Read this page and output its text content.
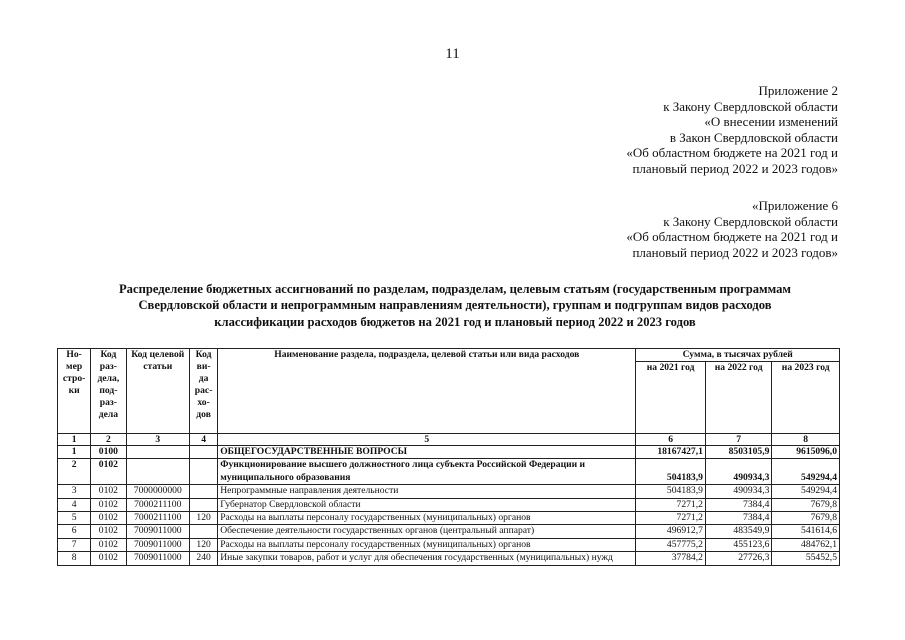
11
Приложение 2
к Закону Свердловской области
«О внесении изменений
в Закон Свердловской области
«Об областном бюджете на 2021 год и
плановый период 2022 и 2023 годов»
«Приложение 6
к Закону Свердловской области
«Об областном бюджете на 2021 год и
плановый период 2022 и 2023 годов»
Распределение бюджетных ассигнований по разделам, подразделам, целевым статьям (государственным программам
Свердловской области и непрограммным направлениям деятельности), группам и подгруппам видов расходов
классификации расходов бюджетов на 2021 год и плановый период 2022 и 2023 годов
Но-мер стро-ки	Код раз-дела, под-раз-дела	Код целевой статьи	Код ви-да рас-хо-дов	Наименование раздела, подраздела, целевой статьи или вида расходов	Сумма, в тысячах рублей		
					на 2021 год	на 2022 год	на 2023 год
1	2	3	4	5	6	7	8
1	0100			ОБЩЕГОСУДАРСТВЕННЫЕ ВОПРОСЫ	18167427,1	8503105,9	9615096,0
2	0102			Функционирование высшего должностного лица субъекта Российской Федерации и муниципального образования	504183,9	490934,3	549294,4
3	0102	7000000000		Непрограммные направления деятельности	504183,9	490934,3	549294,4
4	0102	7000211100		Губернатор Свердловской области	7271,2	7384,4	7679,8
5	0102	7000211100	120	Расходы на выплаты персоналу государственных (муниципальных) органов	7271,2	7384,4	7679,8
6	0102	7009011000		Обеспечение деятельности государственных органов (центральный аппарат)	496912,7	483549,9	541614,6
7	0102	7009011000	120	Расходы на выплаты персоналу государственных (муниципальных) органов	457775,2	455123,6	484762,1
8	0102	7009011000	240	Иные закупки товаров, работ и услуг для обеспечения государственных (муниципальных) нужд	37784,2	27726,3	55452,5
